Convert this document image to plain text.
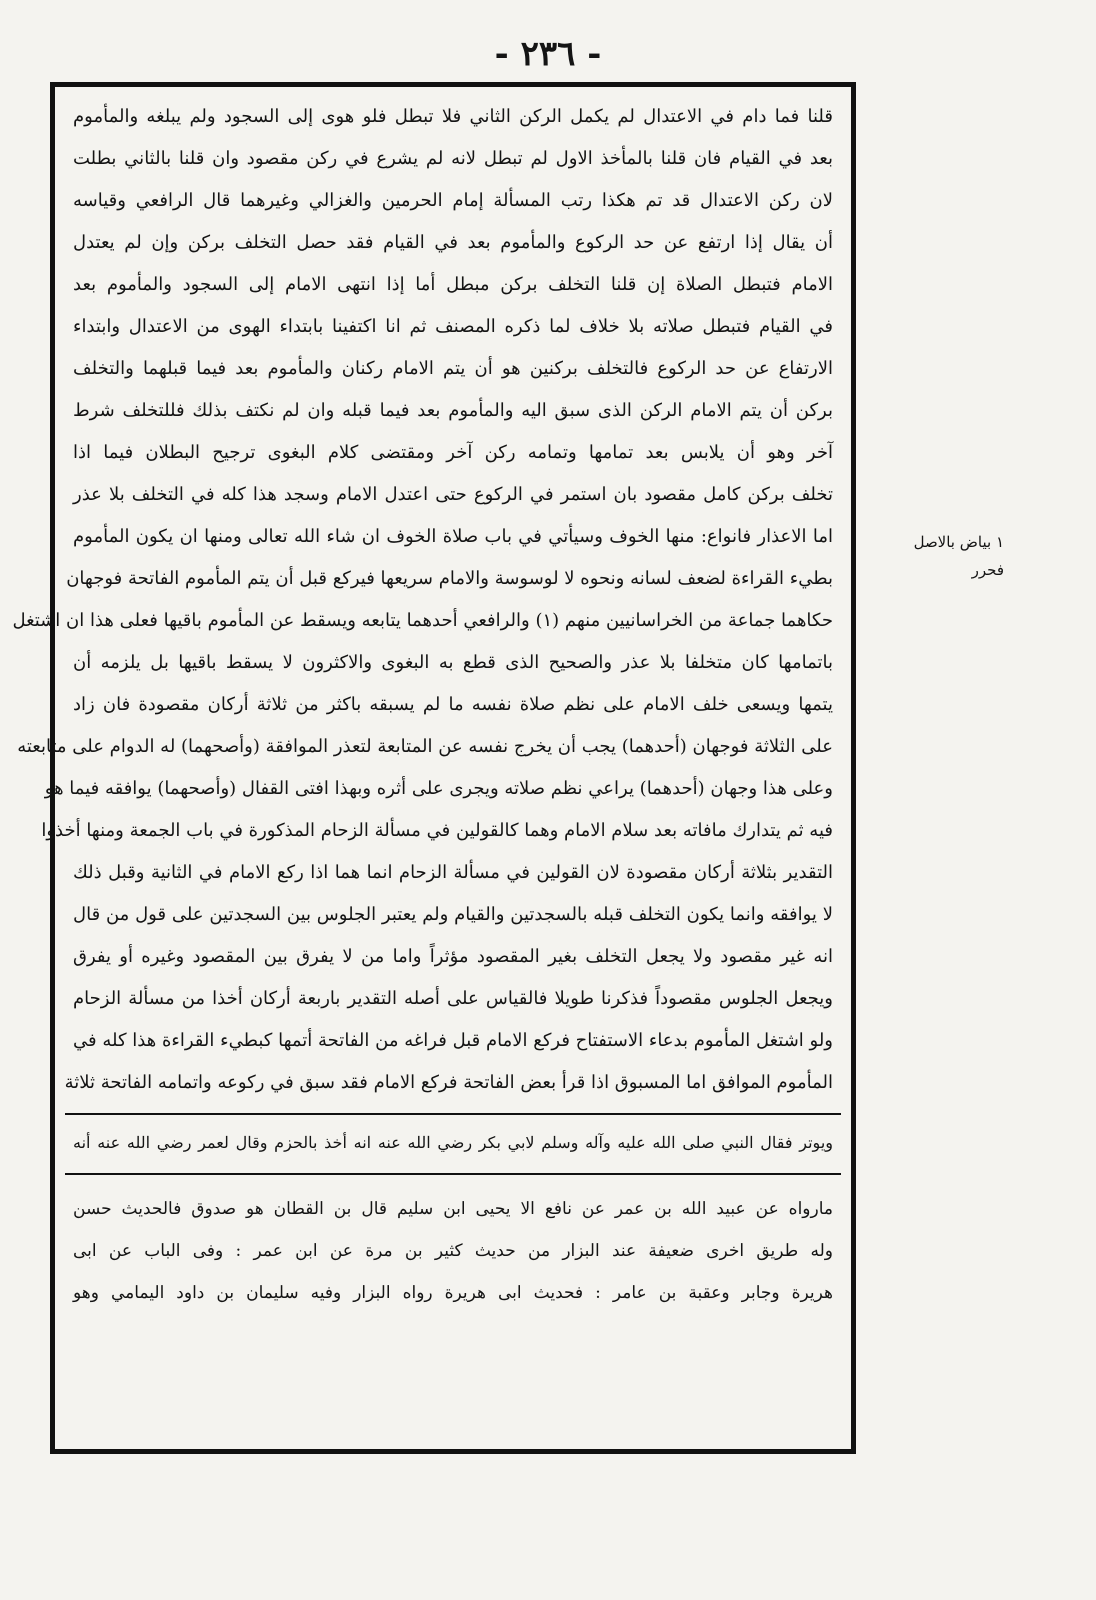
- ٢٣٦ -
قلنا فما دام في الاعتدال لم يكمل الركن الثاني فلا تبطل فلو هوى إلى السجود ولم يبلغه والمأموم
بعد في القيام فان قلنا بالمأخذ الاول لم تبطل لانه لم يشرع في ركن مقصود وان قلنا بالثاني بطلت
لان ركن الاعتدال قد تم هكذا رتب المسألة إمام الحرمين والغزالي وغيرهما قال الرافعي وقياسه
أن يقال إذا ارتفع عن حد الركوع والمأموم بعد في القيام فقد حصل التخلف بركن وإن لم يعتدل
الامام فتبطل الصلاة إن قلنا التخلف بركن مبطل أما إذا انتهى الامام إلى السجود والمأموم بعد
في القيام فتبطل صلاته بلا خلاف لما ذكره المصنف ثم انا اكتفينا بابتداء الهوى من الاعتدال وابتداء
الارتفاع عن حد الركوع فالتخلف بركنين هو أن يتم الامام ركنان والمأموم بعد فيما قبلهما والتخلف
بركن أن يتم الامام الركن الذى سبق اليه والمأموم بعد فيما قبله وان لم نكتف بذلك فللتخلف شرط
آخر وهو أن يلابس بعد تمامها وتمامه ركن آخر ومقتضى كلام البغوى ترجيح البطلان فيما اذا
تخلف بركن كامل مقصود بان استمر في الركوع حتى اعتدل الامام وسجد هذا كله في التخلف بلا عذر
اما الاعذار فانواع: منها الخوف وسيأتي في باب صلاة الخوف ان شاء الله تعالى ومنها ان يكون المأموم
بطيء القراءة لضعف لسانه ونحوه لا لوسوسة والامام سريعها فيركع قبل أن يتم المأموم الفاتحة فوجهان
حكاهما جماعة من الخراسانيين منهم (١) والرافعي أحدهما يتابعه ويسقط عن المأموم باقيها فعلى هذا ان اشتغل
باتمامها كان متخلفا بلا عذر والصحيح الذى قطع به البغوى والاكثرون لا يسقط باقيها بل يلزمه أن
يتمها ويسعى خلف الامام على نظم صلاة نفسه ما لم يسبقه باكثر من ثلاثة أركان مقصودة فان زاد
على الثلاثة فوجهان (أحدهما) يجب أن يخرج نفسه عن المتابعة لتعذر الموافقة (وأصحهما) له الدوام على متابعته
وعلى هذا وجهان (أحدهما) يراعي نظم صلاته ويجرى على أثره وبهذا افتى القفال (وأصحهما) يوافقه فيما هو
فيه ثم يتدارك مافاته بعد سلام الامام وهما كالقولين في مسألة الزحام المذكورة في باب الجمعة ومنها أخذوا
التقدير بثلاثة أركان مقصودة لان القولين في مسألة الزحام انما هما اذا ركع الامام في الثانية وقبل ذلك
لا يوافقه وانما يكون التخلف قبله بالسجدتين والقيام ولم يعتبر الجلوس بين السجدتين على قول من قال
انه غير مقصود ولا يجعل التخلف بغير المقصود مؤثراً واما من لا يفرق بين المقصود وغيره أو يفرق
ويجعل الجلوس مقصوداً فذكرنا طويلا فالقياس على أصله التقدير باربعة أركان أخذا من مسألة الزحام
ولو اشتغل المأموم بدعاء الاستفتاح فركع الامام قبل فراغه من الفاتحة أتمها كبطيء القراءة هذا كله في
المأموم الموافق اما المسبوق اذا قرأ بعض الفاتحة فركع الامام فقد سبق في ركوعه واتمامه الفاتحة ثلاثة
ويوتر فقال النبي صلى الله عليه وآله وسلم لابي بكر رضي الله عنه انه أخذ بالحزم وقال لعمر رضي الله عنه أنه
مارواه عن عبيد الله بن عمر عن نافع الا يحيى ابن سليم قال بن القطان هو صدوق فالحديث حسن
وله طريق اخرى ضعيفة عند البزار من حديث كثير بن مرة عن ابن عمر : وفى الباب عن ابى
هريرة وجابر وعقبة بن عامر : فحديث ابى هريرة رواه البزار وفيه سليمان بن داود اليمامي وهو
١ بياض بالاصل
فحرر
